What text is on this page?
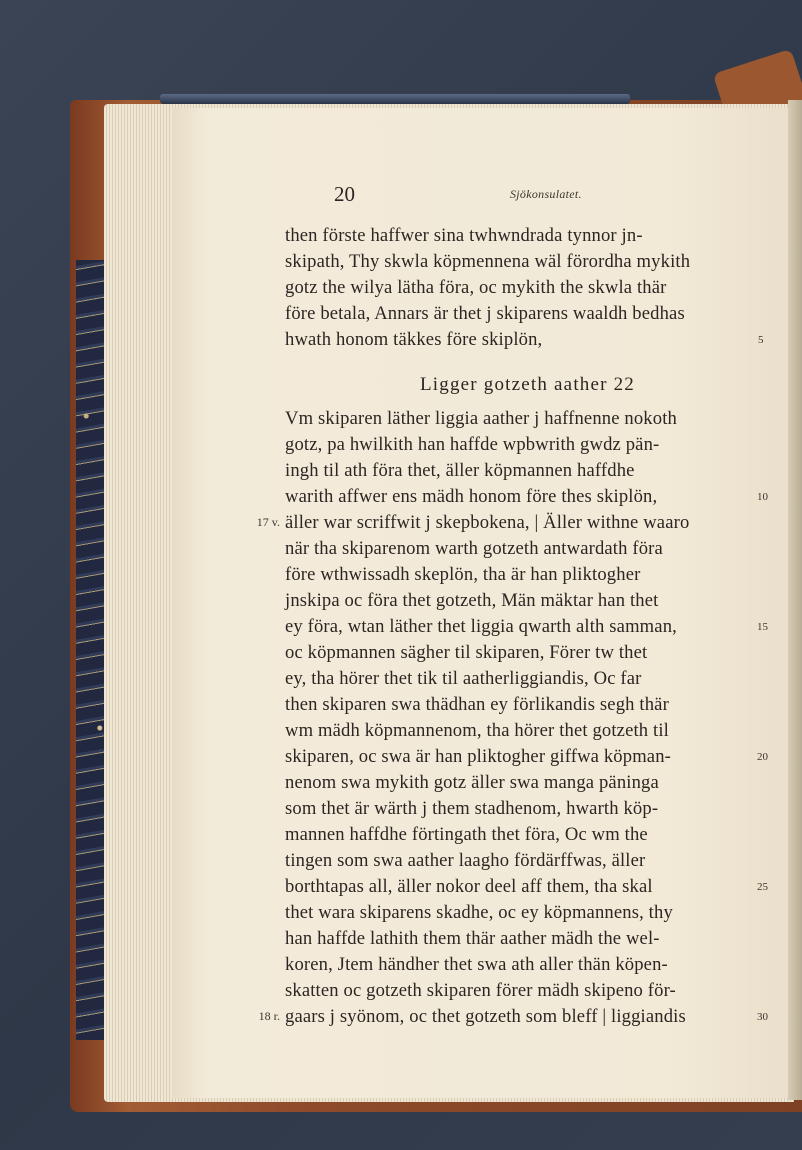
20	Sjökonsulatet.
then förste haffwer sina twhwndrada tynnor jn-
skipath, Thy skwla köpmennena wäl förordha mykith
gotz the wilya lätha föra, oc mykith the skwla thär
före betala, Annars är thet j skiparens waaldh bedhas
hwath honom täkkes före skiplön,
Ligger gotzeth aather 22
Vm skiparen läther liggia aather j haffnenne nokoth
gotz, pa hwilkith han haffde wpbwrith gwdz pän-
ingh til ath föra thet, äller köpmannen haffdhe
warith affwer ens mädh honom före thes skiplön,
äller war scriffwit j skepbokena, | Äller withne waaro
när tha skiparenom warth gotzeth antwardath föra
före wthwissadh skeplön, tha är han pliktogher
jnskipa oc föra thet gotzeth, Män mäktar han thet
ey föra, wtan läther thet liggia qwarth alth samman,
oc köpmannen sägher til skiparen, Förer tw thet
ey, tha hörer thet tik til aatherliggiandis, Oc far
then skiparen swa thädhan ey förlikandis segh thär
wm mädh köpmannenom, tha hörer thet gotzeth til
skiparen, oc swa är han pliktogher giffwa köpman-
nenom swa mykith gotz äller swa manga päninga
som thet är wärth j them stadhenom, hwarth köp-
mannen haffdhe förtingath thet föra, Oc wm the
tingen som swa aather laagho fördärffwas, äller
borthtapas all, äller nokor deel aff them, tha skal
thet wara skiparens skadhe, oc ey köpmannens, thy
han haffde lathith them thär aather mädh the wel-
koren, Jtem händher thet swa ath aller thän köpen-
skatten oc gotzeth skiparen förer mädh skipeno för-
gaars j syönom, oc thet gotzeth som bleff | liggiandis
5
10
15
20
25
30
17 v.
18 r.
